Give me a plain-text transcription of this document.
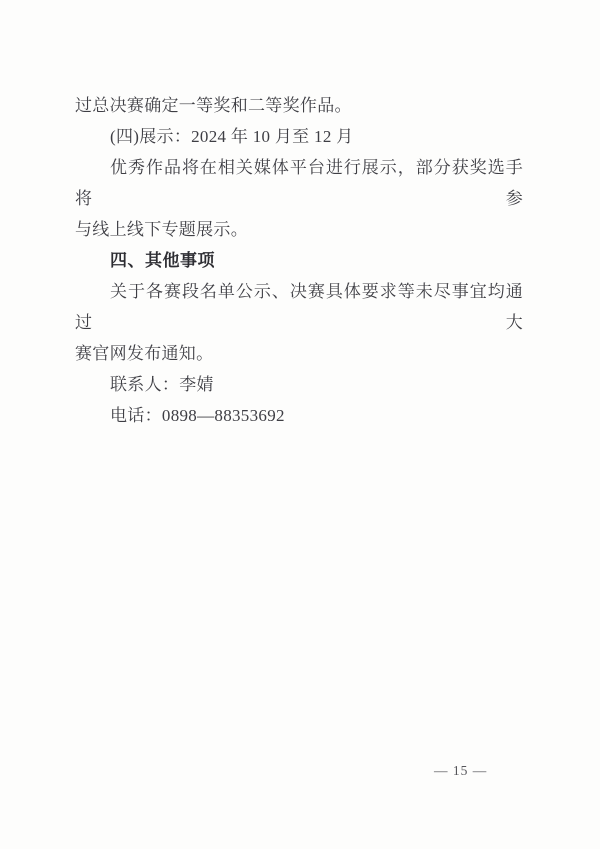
过总决赛确定一等奖和二等奖作品。
(四)展示：2024 年 10 月至 12 月
优秀作品将在相关媒体平台进行展示，部分获奖选手将参
与线上线下专题展示。
四、其他事项
关于各赛段名单公示、决赛具体要求等未尽事宜均通过大
赛官网发布通知。
联系人：李婧
电话：0898—88353692
— 15 —
